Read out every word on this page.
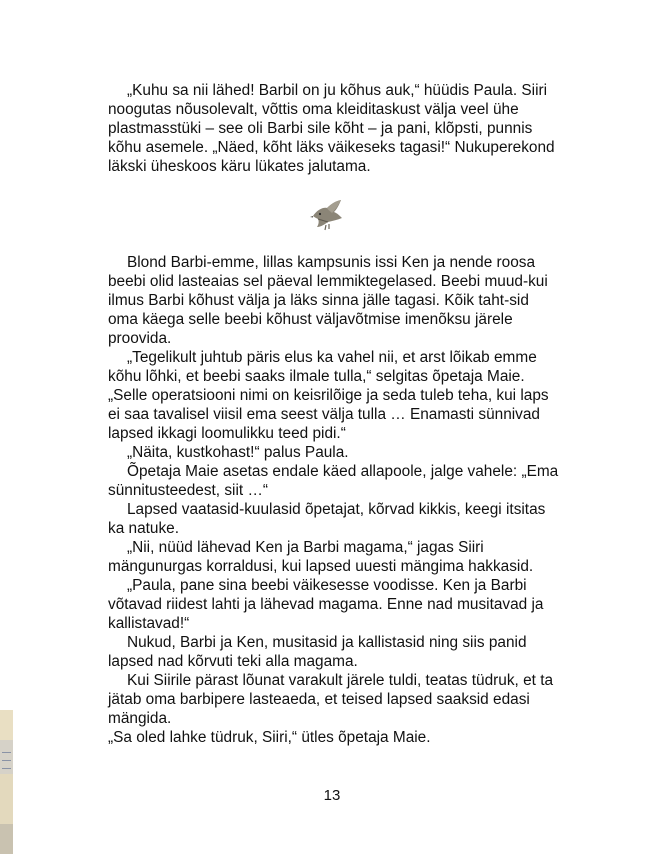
„Kuhu sa nii lähed! Barbil on ju kõhus auk,“ hüüdis Paula. Siiri noogutas nõusolevalt, võttis oma kleiditaskust välja veel ühe plastmasstüki – see oli Barbi sile kõht – ja pani, klõpsti, punnis kõhu asemele. „Näed, kõht läks väikeseks tagasi!“ Nukuperekond läkski üheskoos käru lükates jalutama.

Blond Barbi-emme, lillas kampsunis issi Ken ja nende roosa beebi olid lasteaias sel päeval lemmiktegelased. Beebi muud-kui ilmus Barbi kõhust välja ja läks sinna jälle tagasi. Kõik taht-sid oma käega selle beebi kõhust väljavõtmise imenõksu järele proovida.

„Tegelikult juhtub päris elus ka vahel nii, et arst lõikab emme kõhu lõhki, et beebi saaks ilmale tulla,“ selgitas õpetaja Maie. „Selle operatsiooni nimi on keisrilõige ja seda tuleb teha, kui laps ei saa tavalisel viisil ema seest välja tulla … Enamasti sünnivad lapsed ikkagi loomulikku teed pidi.“

„Näita, kustkohast!“ palus Paula.

Õpetaja Maie asetas endale käed allapoole, jalge vahele: „Ema sünnitusteedest, siit …“

Lapsed vaatasid-kuulasid õpetajat, kõrvad kikkis, keegi itsitas ka natuke.

„Nii, nüüd lähevad Ken ja Barbi magama,“ jagas Siiri mängunurgas korraldusi, kui lapsed uuesti mängima hakkasid.

„Paula, pane sina beebi väikesesse voodisse. Ken ja Barbi võtavad riidest lahti ja lähevad magama. Enne nad musitavad ja kallistavad!“

Nukud, Barbi ja Ken, musitasid ja kallistasid ning siis panid lapsed nad kõrvuti teki alla magama.

Kui Siirile pärast lõunat varakult järele tuldi, teatas tüdruk, et ta jätab oma barbipere lasteaeda, et teised lapsed saaksid edasi mängida.

„Sa oled lahke tüdruk, Siiri,“ ütles õpetaja Maie.

13
